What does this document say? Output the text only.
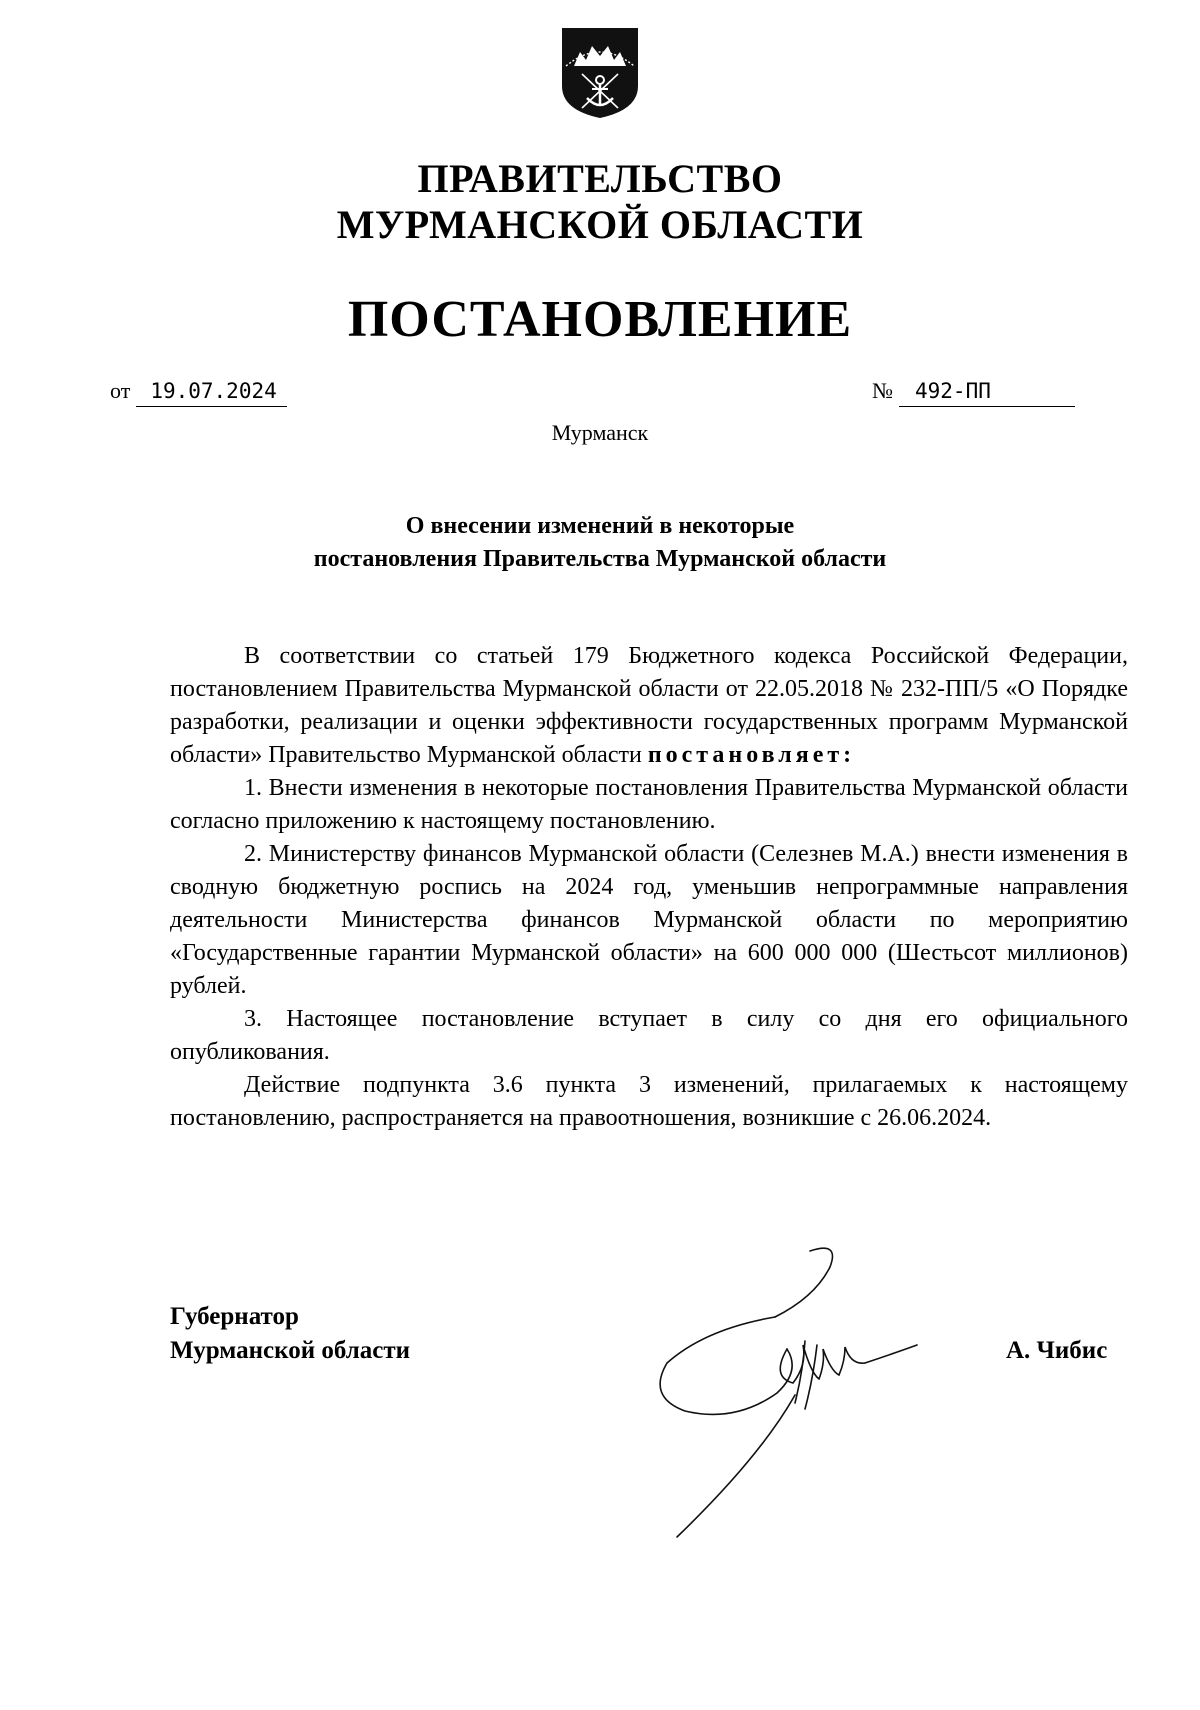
ПРАВИТЕЛЬСТВО
МУРМАНСКОЙ ОБЛАСТИ
ПОСТАНОВЛЕНИЕ
от 19.07.2024	№ 492-ПП
Мурманск
О внесении изменений в некоторые
постановления Правительства Мурманской области

В соответствии со статьей 179 Бюджетного кодекса Российской Федерации, постановлением Правительства Мурманской области от 22.05.2018 № 232-ПП/5 «О Порядке разработки, реализации и оценки эффективности государственных программ Мурманской области» Правительство Мурманской области постановляет:

1. Внести изменения в некоторые постановления Правительства Мурманской области согласно приложению к настоящему постановлению.

2. Министерству финансов Мурманской области (Селезнев М.А.) внести изменения в сводную бюджетную роспись на 2024 год, уменьшив непрограммные направления деятельности Министерства финансов Мурманской области по мероприятию «Государственные гарантии Мурманской области» на 600 000 000 (Шестьсот миллионов) рублей.

3. Настоящее постановление вступает в силу со дня его официального опубликования.

Действие подпункта 3.6 пункта 3 изменений, прилагаемых к настоящему постановлению, распространяется на правоотношения, возникшие с 26.06.2024.

Губернатор
Мурманской области	А. Чибис
